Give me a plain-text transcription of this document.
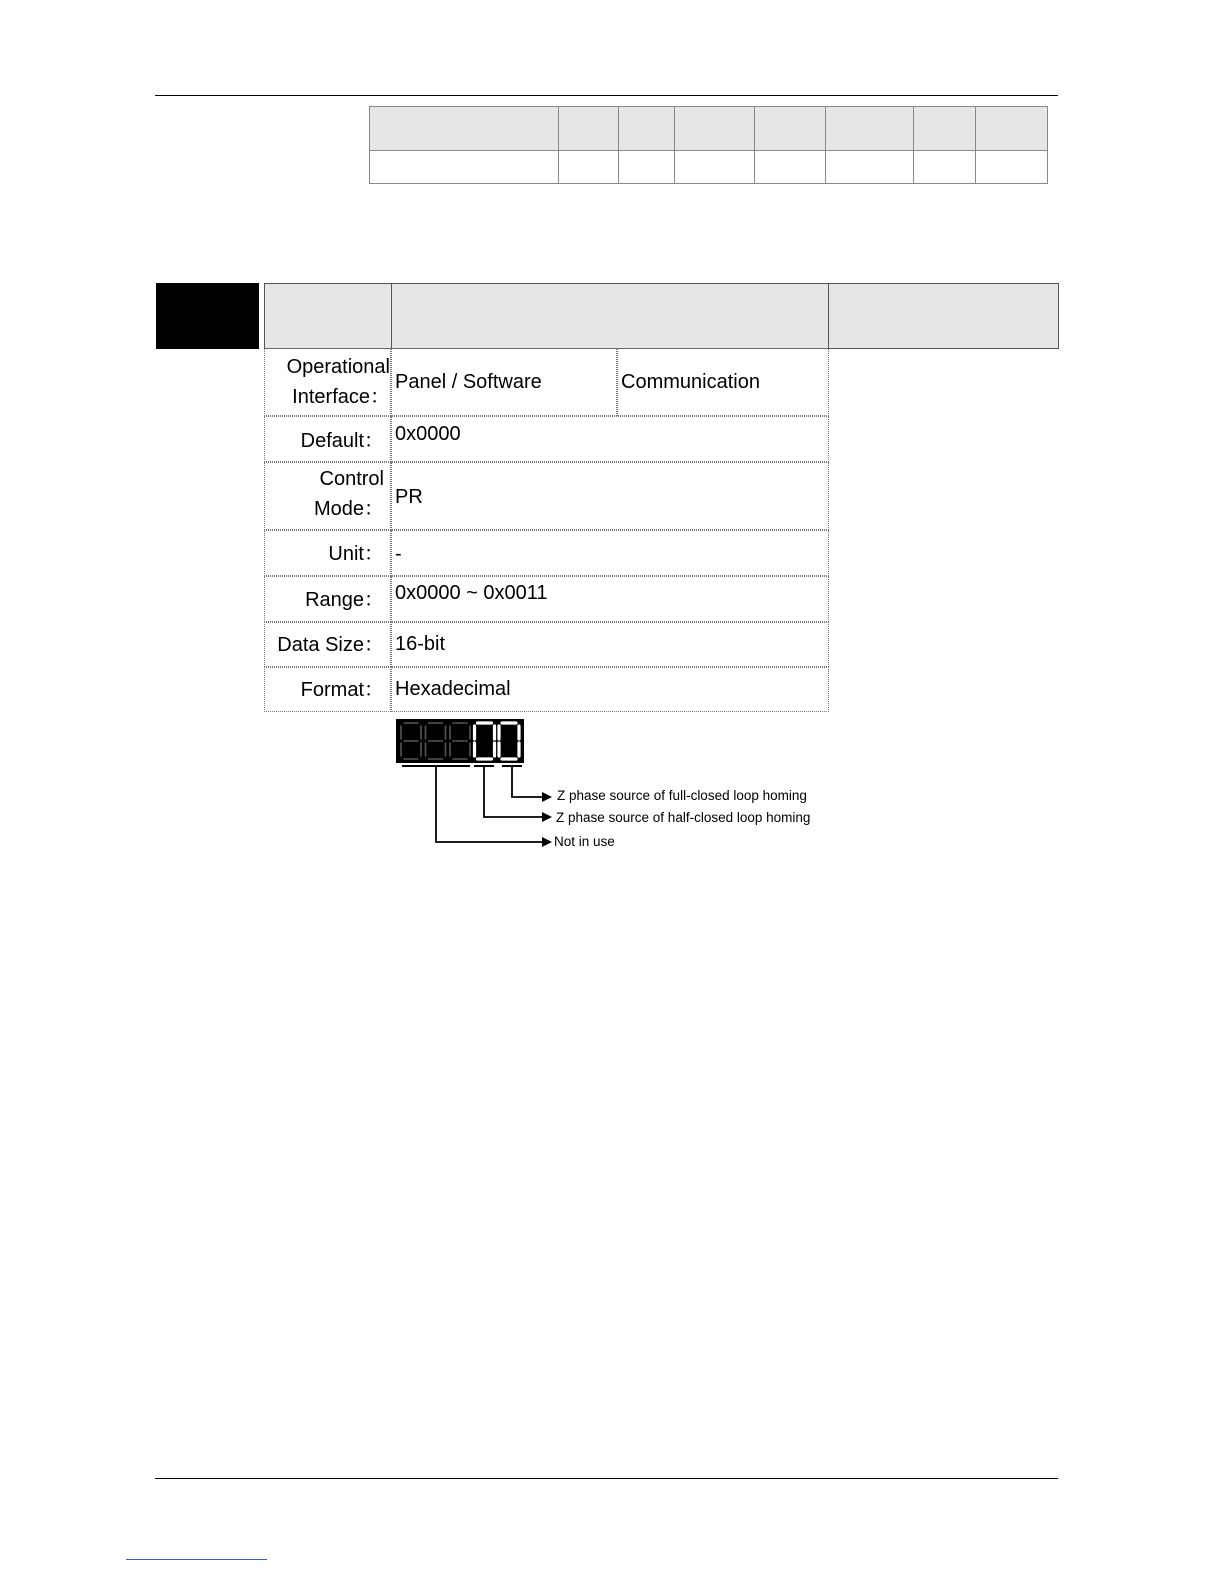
Operational Interface：
Panel / Software	Communication
Default： 0x0000
Control Mode：
PR
Unit： -
Range： 0x0000 ~ 0x0011
Data Size： 16-bit
Format： Hexadecimal
Z phase source of full-closed loop homing
Z phase source of half-closed loop homing
Not in use
